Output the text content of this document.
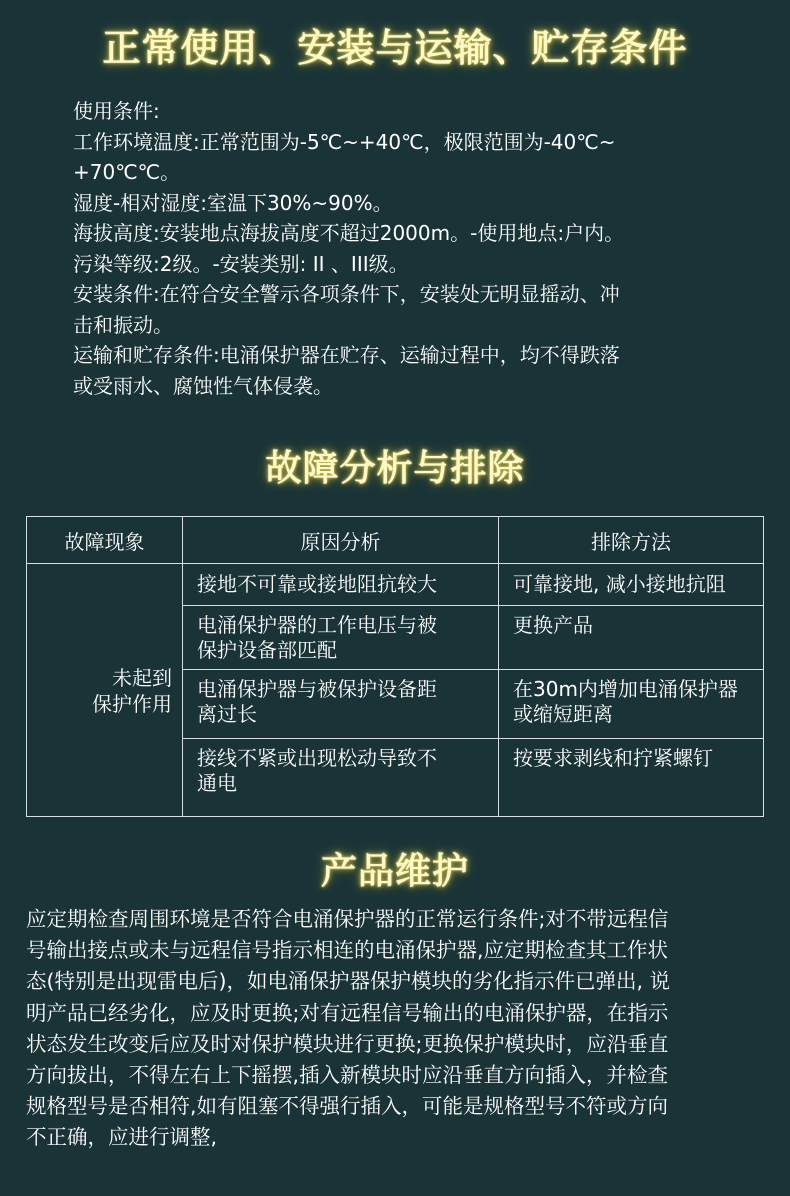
正常使用、安装与运输、贮存条件
使用条件:
工作环境温度:正常范围为-5℃~+40℃，极限范围为-40℃~
+70℃℃。
湿度-相对湿度:室温下30%~90%。
海拔高度:安装地点海拔高度不超过2000m。-使用地点:户内。
污染等级:2级。-安装类别: II 、III级。
安装条件:在符合安全警示各项条件下，安装处无明显摇动、冲
击和振动。
运输和贮存条件:电涌保护器在贮存、运输过程中，均不得跌落
或受雨水、腐蚀性气体侵袭。
故障分析与排除
故障现象	原因分析	排除方法
未起到
保护作用	接地不可靠或接地阻抗较大	可靠接地, 减小接地抗阻
	电涌保护器的工作电压与被
保护设备部匹配	更换产品
	电涌保护器与被保护设备距
离过长	在30m内增加电涌保护器
或缩短距离
	接线不紧或出现松动导致不
通电	按要求剥线和拧紧螺钉
产品维护
应定期检查周围环境是否符合电涌保护器的正常运行条件;对不带远程信
号输出接点或未与远程信号指示相连的电涌保护器,应定期检查其工作状
态(特别是出现雷电后)，如电涌保护器保护模块的劣化指示件已弹出, 说
明产品已经劣化，应及时更换;对有远程信号输出的电涌保护器，在指示
状态发生改变后应及时对保护模块进行更换;更换保护模块时，应沿垂直
方向拔出，不得左右上下摇摆,插入新模块时应沿垂直方向插入，并检查
规格型号是否相符,如有阻塞不得强行插入，可能是规格型号不符或方向
不正确，应进行调整,
